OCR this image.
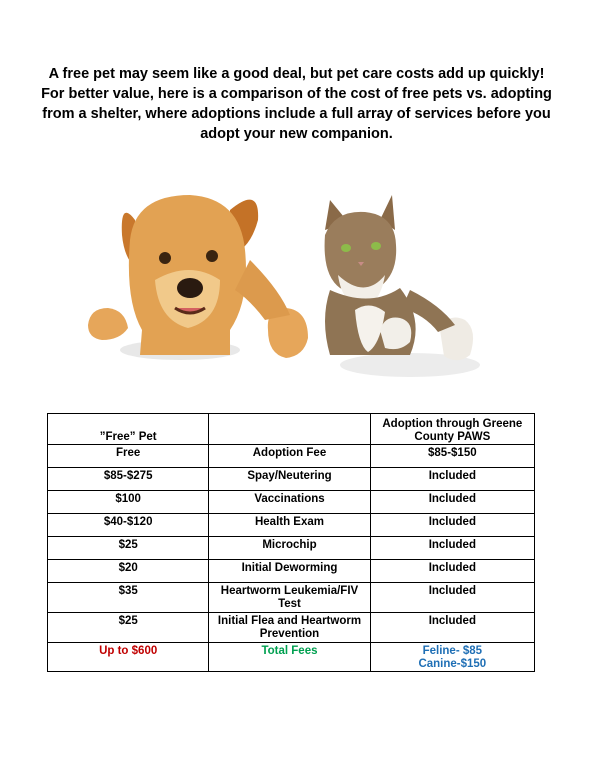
A free pet may seem like a good deal, but pet care costs add up quickly!
For better value, here is a comparison of the cost of free pets vs. adopting
from a shelter, where adoptions include a full array of services before you
adopt your new companion.
”Free” Pet		Adoption through Greene County PAWS
Free	Adoption Fee	$85-$150
$85-$275	Spay/Neutering	Included
$100	Vaccinations	Included
$40-$120	Health Exam	Included
$25	Microchip	Included
$20	Initial Deworming	Included
$35	Heartworm Leukemia/FIV Test	Included
$25	Initial Flea and Heartworm Prevention	Included
Up to $600	Total Fees	Feline- $85
Canine-$150
